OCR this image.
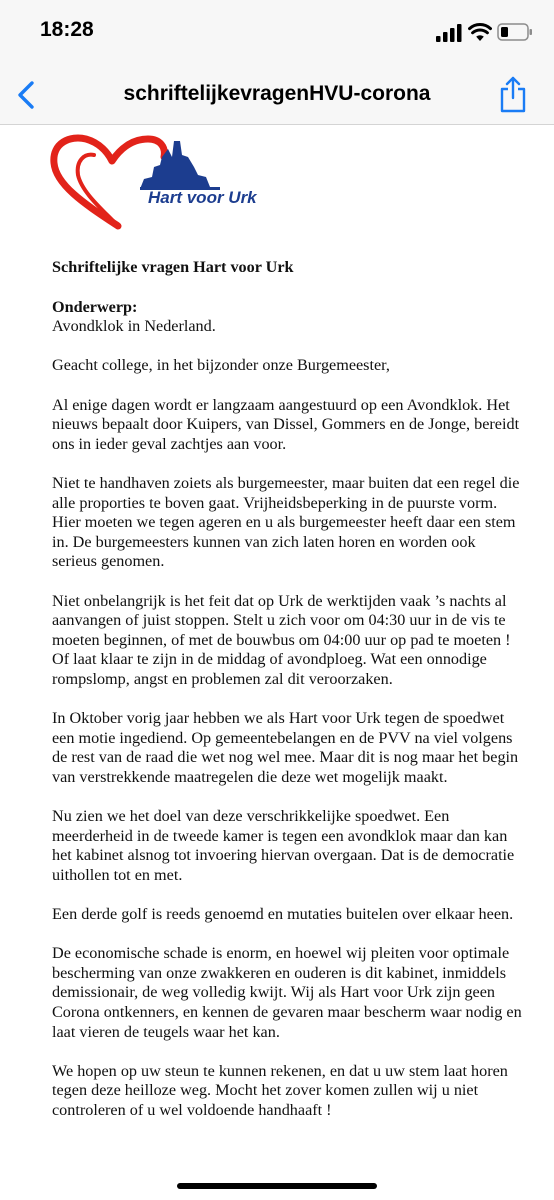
18:28
schriftelijkevragenHVU-corona
Hart voor Urk

Schriftelijke vragen Hart voor Urk

Onderwerp:
Avondklok in Nederland.

Geacht college, in het bijzonder onze Burgemeester,

Al enige dagen wordt er langzaam aangestuurd op een Avondklok. Het nieuws bepaalt door Kuipers, van Dissel, Gommers en de Jonge, bereidt ons in ieder geval zachtjes aan voor.

Niet te handhaven zoiets als burgemeester, maar buiten dat een regel die alle proporties te boven gaat. Vrijheidsbeperking in de puurste vorm. Hier moeten we tegen ageren en u als burgemeester heeft daar een stem in. De burgemeesters kunnen van zich laten horen en worden ook serieus genomen.

Niet onbelangrijk is het feit dat op Urk de werktijden vaak ’s nachts al aanvangen of juist stoppen. Stelt u zich voor om 04:30 uur in de vis te moeten beginnen, of met de bouwbus om 04:00 uur op pad te moeten ! Of laat klaar te zijn in de middag of avondploeg. Wat een onnodige rompslomp, angst en problemen zal dit veroorzaken.

In Oktober vorig jaar hebben we als Hart voor Urk tegen de spoedwet een motie ingediend. Op gemeentebelangen en de PVV na viel volgens de rest van de raad die wet nog wel mee. Maar dit is nog maar het begin van verstrekkende maatregelen die deze wet mogelijk maakt.

Nu zien we het doel van deze verschrikkelijke spoedwet. Een meerderheid in de tweede kamer is tegen een avondklok maar dan kan het kabinet alsnog tot invoering hiervan overgaan. Dat is de democratie uithollen tot en met.

Een derde golf is reeds genoemd en mutaties buitelen over elkaar heen.

De economische schade is enorm, en hoewel wij pleiten voor optimale bescherming van onze zwakkeren en ouderen is dit kabinet, inmiddels demissionair, de weg volledig kwijt. Wij als Hart voor Urk zijn geen Corona ontkenners, en kennen de gevaren maar bescherm waar nodig en laat vieren de teugels waar het kan.

We hopen op uw steun te kunnen rekenen, en dat u uw stem laat horen tegen deze heilloze weg. Mocht het zover komen zullen wij u niet controleren of u wel voldoende handhaaft !
